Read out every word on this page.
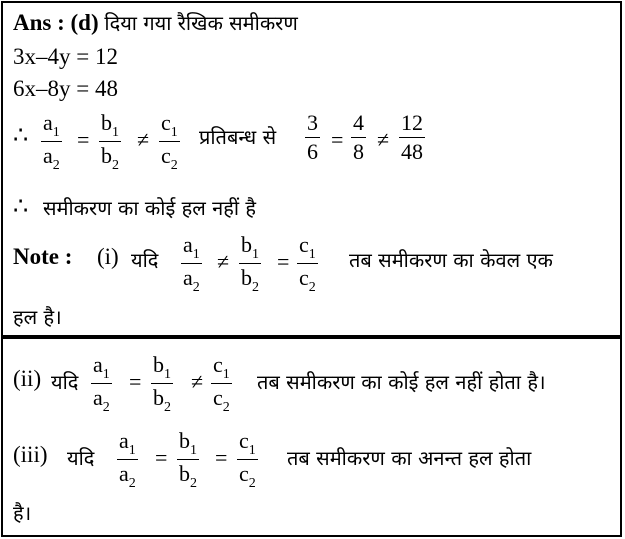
Ans : (d) दिया गया रैखिक समीकरण
3x–4y = 12
6x–8y = 48
∴ $\frac{a_1}{a_2} = \frac{b_1}{b_2} \ne \frac{c_1}{c_2}$ प्रतिबन्ध से $\frac{3}{6} = \frac{4}{8} \ne \frac{12}{48}$
∴ समीकरण का कोई हल नहीं है
Note : (i) यदि $\frac{a_1}{a_2} \ne \frac{b_1}{b_2} = \frac{c_1}{c_2}$ तब समीकरण का केवल एक
हल है।
(ii) यदि $\frac{a_1}{a_2} = \frac{b_1}{b_2} \ne \frac{c_1}{c_2}$ तब समीकरण का कोई हल नहीं होता है।
(iii) यदि $\frac{a_1}{a_2} = \frac{b_1}{b_2} = \frac{c_1}{c_2}$ तब समीकरण का अनन्त हल होता
है।
